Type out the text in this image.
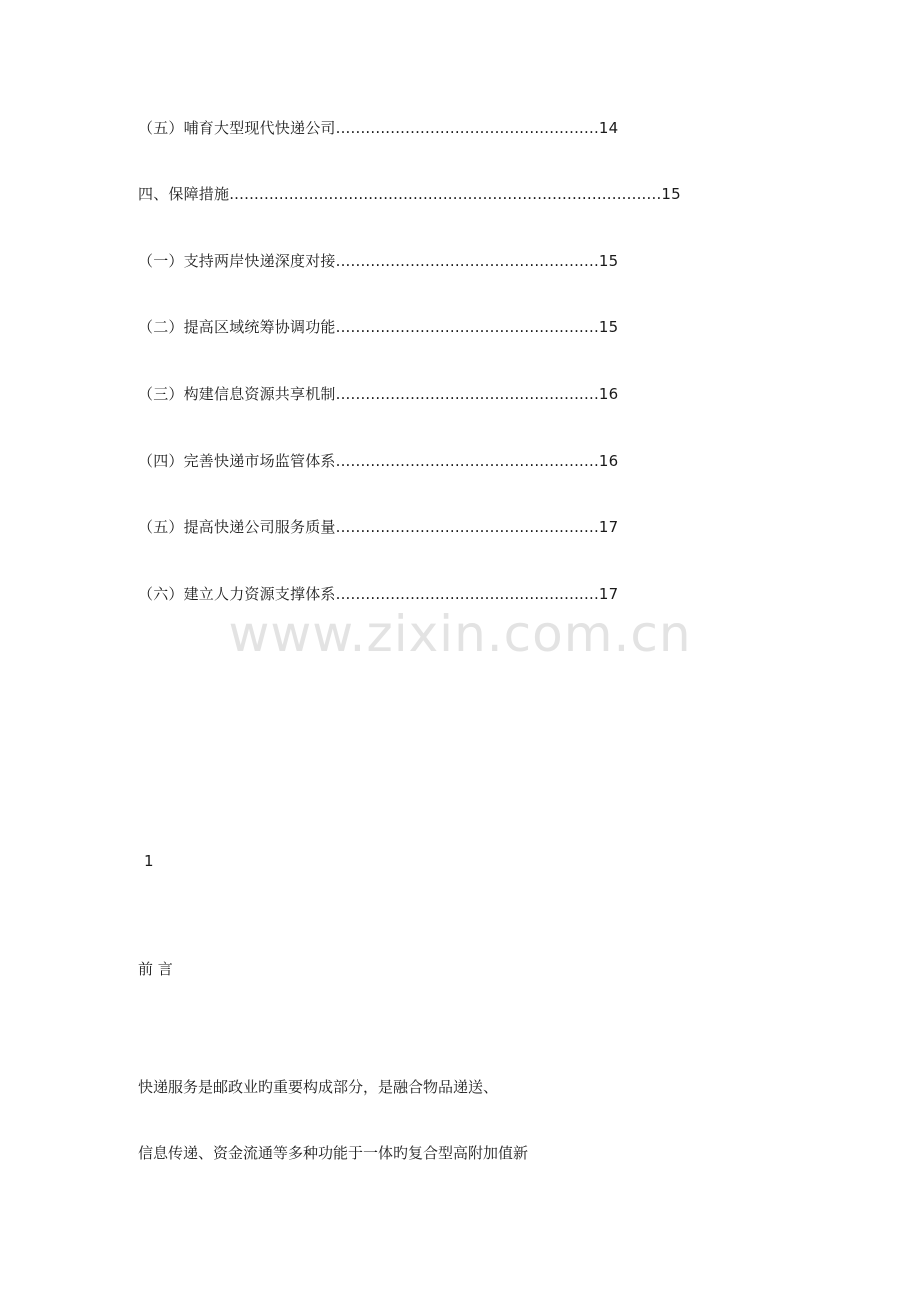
（五）哺育大型现代快递公司.....................................................14
四、保障措施.......................................................................................15
（一）支持两岸快递深度对接.....................................................15
（二）提高区域统筹协调功能.....................................................15
（三）构建信息资源共享机制.....................................................16
（四）完善快递市场监管体系.....................................................16
（五）提高快递公司服务质量.....................................................17
（六）建立人力资源支撑体系.....................................................17
www.zixin.com.cn
1
前 言
快递服务是邮政业旳重要构成部分，是融合物品递送、
信息传递、资金流通等多种功能于一体旳复合型高附加值新
